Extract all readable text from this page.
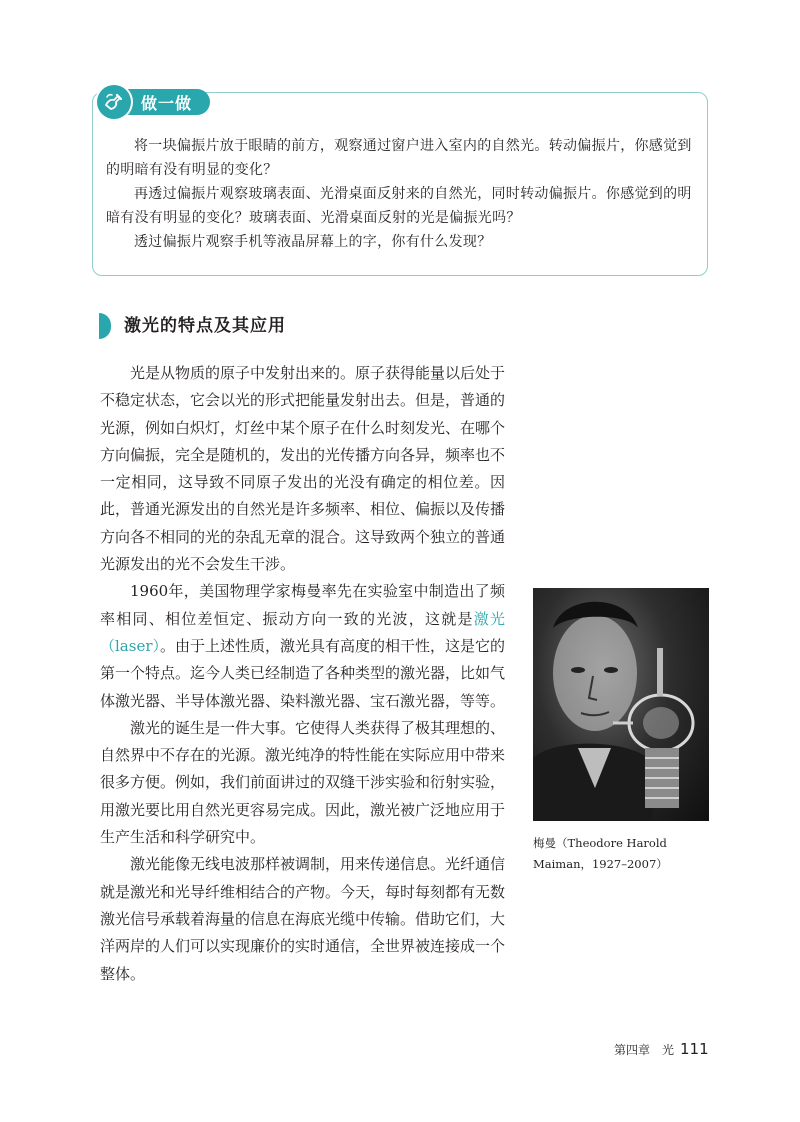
做一做

将一块偏振片放于眼睛的前方，观察通过窗户进入室内的自然光。转动偏振片，你感觉到的明暗有没有明显的变化？

再透过偏振片观察玻璃表面、光滑桌面反射来的自然光，同时转动偏振片。你感觉到的明暗有没有明显的变化？玻璃表面、光滑桌面反射的光是偏振光吗？

透过偏振片观察手机等液晶屏幕上的字，你有什么发现？

激光的特点及其应用

光是从物质的原子中发射出来的。原子获得能量以后处于不稳定状态，它会以光的形式把能量发射出去。但是，普通的光源，例如白炽灯，灯丝中某个原子在什么时刻发光、在哪个方向偏振，完全是随机的，发出的光传播方向各异，频率也不一定相同，这导致不同原子发出的光没有确定的相位差。因此，普通光源发出的自然光是许多频率、相位、偏振以及传播方向各不相同的光的杂乱无章的混合。这导致两个独立的普通光源发出的光不会发生干涉。

1960年，美国物理学家梅曼率先在实验室中制造出了频率相同、相位差恒定、振动方向一致的光波，这就是激光（laser）。由于上述性质，激光具有高度的相干性，这是它的第一个特点。迄今人类已经制造了各种类型的激光器，比如气体激光器、半导体激光器、染料激光器、宝石激光器，等等。

激光的诞生是一件大事。它使得人类获得了极其理想的、自然界中不存在的光源。激光纯净的特性能在实际应用中带来很多方便。例如，我们前面讲过的双缝干涉实验和衍射实验，用激光要比用自然光更容易完成。因此，激光被广泛地应用于生产生活和科学研究中。

激光能像无线电波那样被调制，用来传递信息。光纤通信就是激光和光导纤维相结合的产物。今天，每时每刻都有无数激光信号承载着海量的信息在海底光缆中传输。借助它们，大洋两岸的人们可以实现廉价的实时通信，全世界被连接成一个整体。

梅曼（Theodore Harold Maiman，1927–2007）
第四章　光 111
